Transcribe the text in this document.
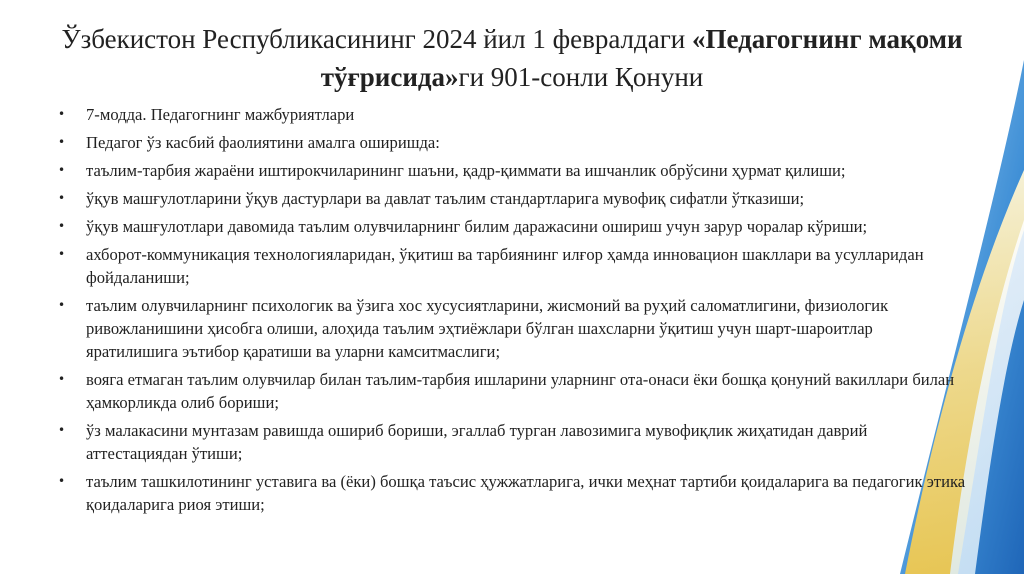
Ўзбекистон Республикасининг 2024 йил 1 февралдаги «Педагогнинг мақоми тўғрисида»ги 901-сонли Қонуни
• 7-модда. Педагогнинг мажбуриятлари
• Педагог ўз касбий фаолиятини амалга оширишда:
• таълим-тарбия жараёни иштирокчиларининг шаъни, қадр-қиммати ва ишчанлик обрўсини ҳурмат қилиши;
• ўқув машғулотларини ўқув дастурлари ва давлат таълим стандартларига мувофиқ сифатли ўтказиши;
• ўқув машғулотлари давомида таълим олувчиларнинг билим даражасини ошириш учун зарур чоралар кўриши;
• ахборот-коммуникация технологияларидан, ўқитиш ва тарбиянинг илғор ҳамда инновацион шакллари ва усулларидан фойдаланиши;
• таълим олувчиларнинг психологик ва ўзига хос хусусиятларини, жисмоний ва руҳий саломатлигини, физиологик ривожланишини ҳисобга олиши, алоҳида таълим эҳтиёжлари бўлган шахсларни ўқитиш учун шарт-шароитлар яратилишига эътибор қаратиши ва уларни камситмаслиги;
• вояга етмаган таълим олувчилар билан таълим-тарбия ишларини уларнинг ота-онаси ёки бошқа қонуний вакиллари билан ҳамкорликда олиб бориши;
• ўз малакасини мунтазам равишда ошириб бориши, эгаллаб турган лавозимига мувофиқлик жиҳатидан даврий аттестациядан ўтиши;
• таълим ташкилотининг уставига ва (ёки) бошқа таъсис ҳужжатларига, ички меҳнат тартиби қоидаларига ва педагогик этика қоидаларига риоя этиши;
